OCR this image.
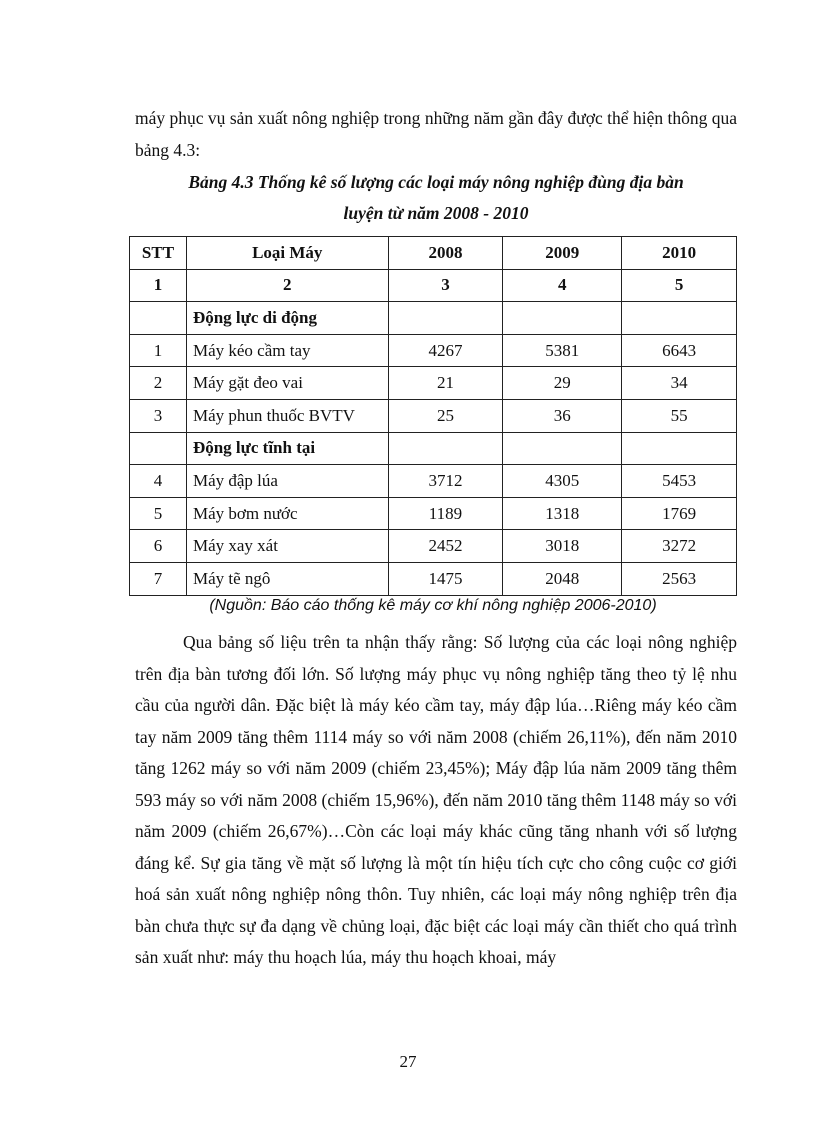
máy phục vụ sản xuất nông nghiệp trong những năm gần đây được thể hiện thông qua bảng 4.3:

Bảng 4.3 Thống kê số lượng các loại máy nông nghiệp đùng địa bàn

luyện từ năm 2008 - 2010

STT	Loại Máy	2008	2009	2010
1	2	3	4	5
	Động lực di động			
1	Máy kéo cầm tay	4267	5381	6643
2	Máy gặt đeo vai	21	29	34
3	Máy phun thuốc BVTV	25	36	55
	Động lực tĩnh tại			
4	Máy đập lúa	3712	4305	5453
5	Máy bơm nước	1189	1318	1769
6	Máy xay xát	2452	3018	3272
7	Máy tẽ ngô	1475	2048	2563

(Nguồn: Báo cáo thống kê máy cơ khí nông nghiệp 2006-2010)

Qua bảng số liệu trên ta nhận thấy rằng: Số lượng của các loại nông nghiệp trên địa bàn tương đối lớn. Số lượng máy phục vụ nông nghiệp tăng theo tỷ lệ nhu cầu của người dân. Đặc biệt là máy kéo cầm tay, máy đập lúa…Riêng máy kéo cầm tay năm 2009 tăng thêm 1114 máy so với năm 2008 (chiếm 26,11%), đến năm 2010 tăng 1262 máy so với năm 2009 (chiếm 23,45%); Máy đập lúa năm 2009 tăng thêm 593 máy so với năm 2008 (chiếm 15,96%), đến năm 2010 tăng thêm 1148 máy so với năm 2009 (chiếm 26,67%)…Còn các loại máy khác cũng tăng nhanh với số lượng đáng kể. Sự gia tăng về mặt số lượng là một tín hiệu tích cực cho công cuộc cơ giới hoá sản xuất nông nghiệp nông thôn. Tuy nhiên, các loại máy nông nghiệp trên địa bàn chưa thực sự đa dạng về chủng loại, đặc biệt các loại máy cần thiết cho quá trình sản xuất như: máy thu hoạch lúa, máy thu hoạch khoai, máy

27
